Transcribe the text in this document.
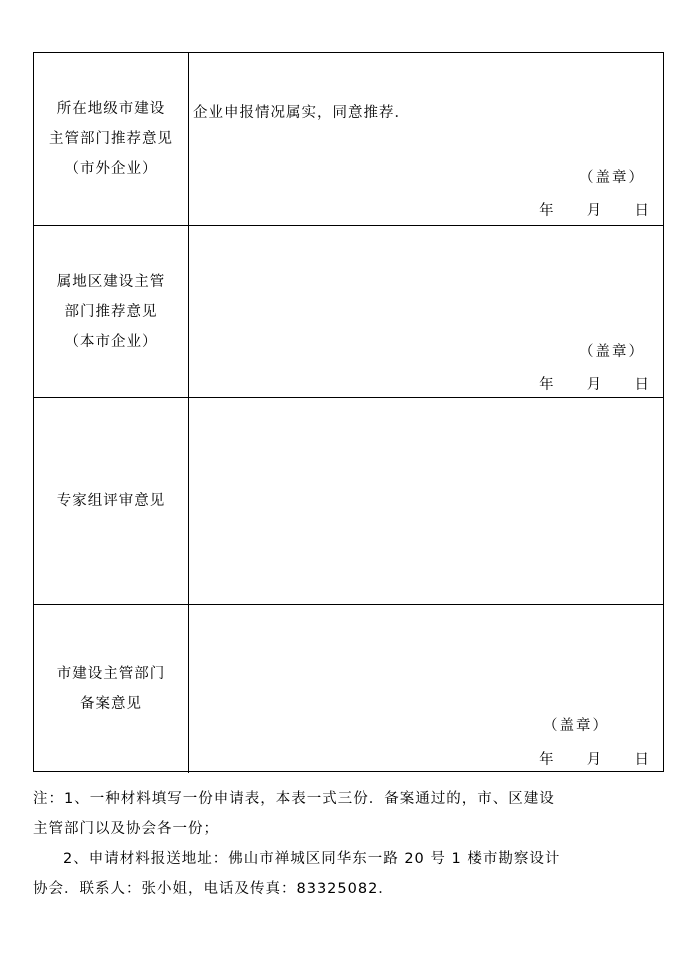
所在地级市建设
主管部门推荐意见
（市外企业）
企业申报情况属实，同意推荐．
（盖章）
年 月 日
属地区建设主管
部门推荐意见
（本市企业）
（盖章）
年 月 日
专家组评审意见
市建设主管部门
备案意见
（盖章）
年 月 日
注：1、一种材料填写一份申请表，本表一式三份．备案通过的，市、区建设
主管部门以及协会各一份；
2、申请材料报送地址：佛山市禅城区同华东一路 20 号 1 楼市勘察设计
协会．联系人：张小姐，电话及传真：83325082．
